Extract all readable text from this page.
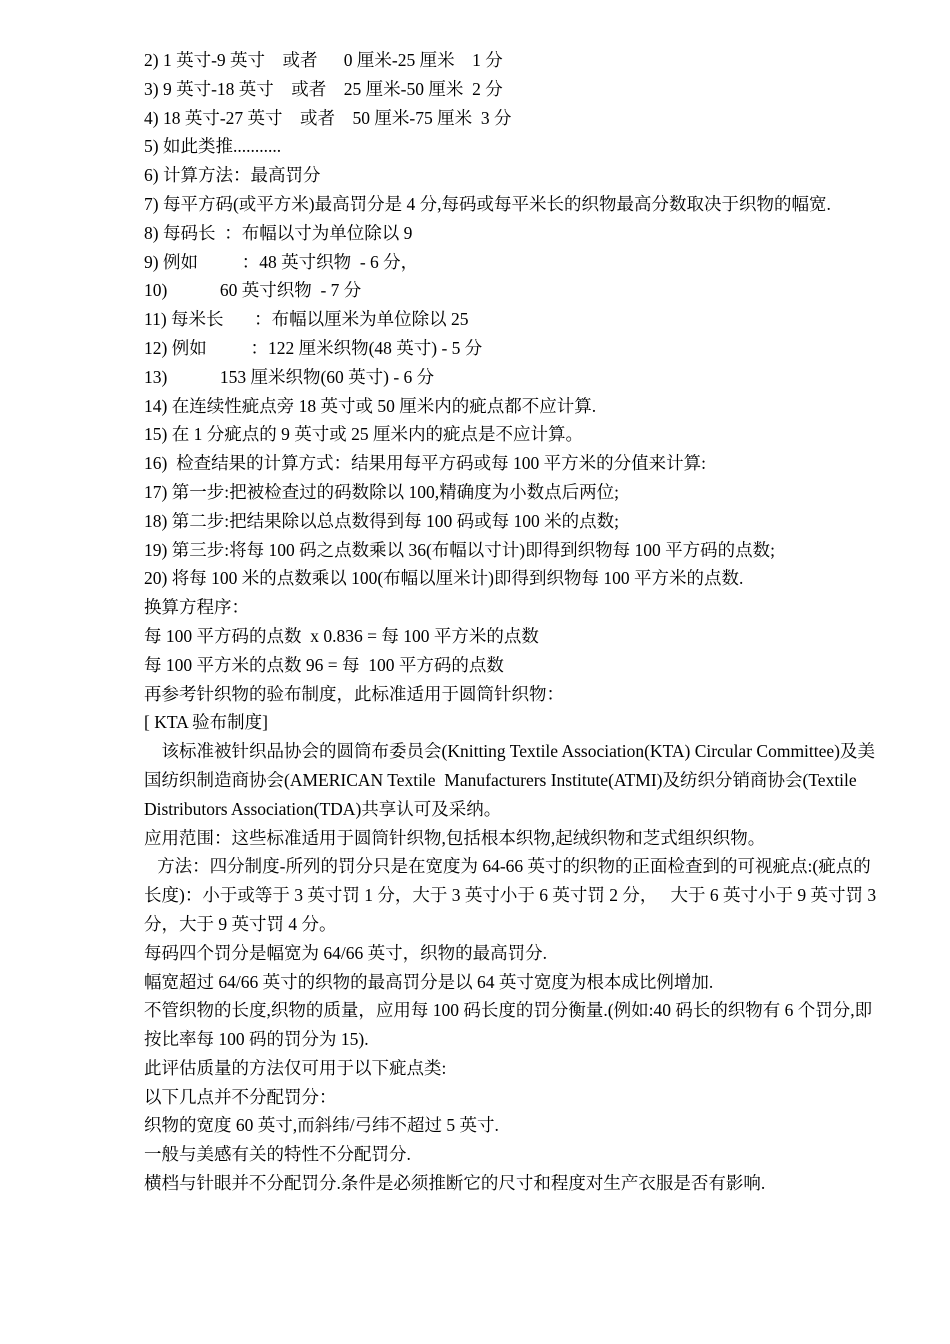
2) 1 英寸-9 英寸    或者      0 厘米-25 厘米    1 分

3) 9 英寸-18 英寸    或者    25 厘米-50 厘米  2 分

4) 18 英寸-27 英寸    或者    50 厘米-75 厘米  3 分

5) 如此类推...........

6) 计算方法：最高罚分

7) 每平方码(或平方米)最高罚分是 4 分,每码或每平米长的织物最高分数取决于织物的幅宽.

8) 每码长  ：布幅以寸为单位除以 9

9) 例如          ：48 英寸织物  - 6 分，

10)            60 英寸织物  - 7 分

11) 每米长       ：布幅以厘米为单位除以 25

12) 例如          ：122 厘米织物(48 英寸) - 5 分

13)            153 厘米织物(60 英寸) - 6 分

14) 在连续性疵点旁 18 英寸或 50 厘米内的疵点都不应计算.

15) 在 1 分疵点的 9 英寸或 25 厘米内的疵点是不应计算。

16)  检查结果的计算方式：结果用每平方码或每 100 平方米的分值来计算:

17) 第一步:把被检查过的码数除以 100,精确度为小数点后两位;

18) 第二步:把结果除以总点数得到每 100 码或每 100 米的点数;

19) 第三步:将每 100 码之点数乘以 36(布幅以寸计)即得到织物每 100 平方码的点数;

20) 将每 100 米的点数乘以 100(布幅以厘米计)即得到织物每 100 平方米的点数.

换算方程序：

每 100 平方码的点数  x 0.836 = 每 100 平方米的点数

每 100 平方米的点数 96 = 每  100 平方码的点数

再参考针织物的验布制度，此标准适用于圆筒针织物：

[ KTA 验布制度]

该标准被针织品协会的圆筒布委员会(Knitting Textile Association(KTA) Circular Committee)及美国纺织制造商协会(AMERICAN Textile  Manufacturers Institute(ATMI)及纺织分销商协会(Textile Distributors Association(TDA)共享认可及采纳。

应用范围：这些标准适用于圆筒针织物,包括根本织物,起绒织物和芝式组织织物。

方法：四分制度-所列的罚分只是在宽度为 64-66 英寸的织物的正面检查到的可视疵点:(疵点的长度)：小于或等于 3 英寸罚 1 分，大于 3 英寸小于 6 英寸罚 2 分，   大于 6 英寸小于 9 英寸罚 3 分，大于 9 英寸罚 4 分。

每码四个罚分是幅宽为 64/66 英寸，织物的最高罚分.

幅宽超过 64/66 英寸的织物的最高罚分是以 64 英寸宽度为根本成比例增加.

不管织物的长度,织物的质量，应用每 100 码长度的罚分衡量.(例如:40 码长的织物有 6 个罚分,即按比率每 100 码的罚分为 15).

此评估质量的方法仅可用于以下疵点类:

以下几点并不分配罚分：

织物的宽度 60 英寸,而斜纬/弓纬不超过 5 英寸.

一般与美感有关的特性不分配罚分.

横档与针眼并不分配罚分.条件是必须推断它的尺寸和程度对生产衣服是否有影响.
